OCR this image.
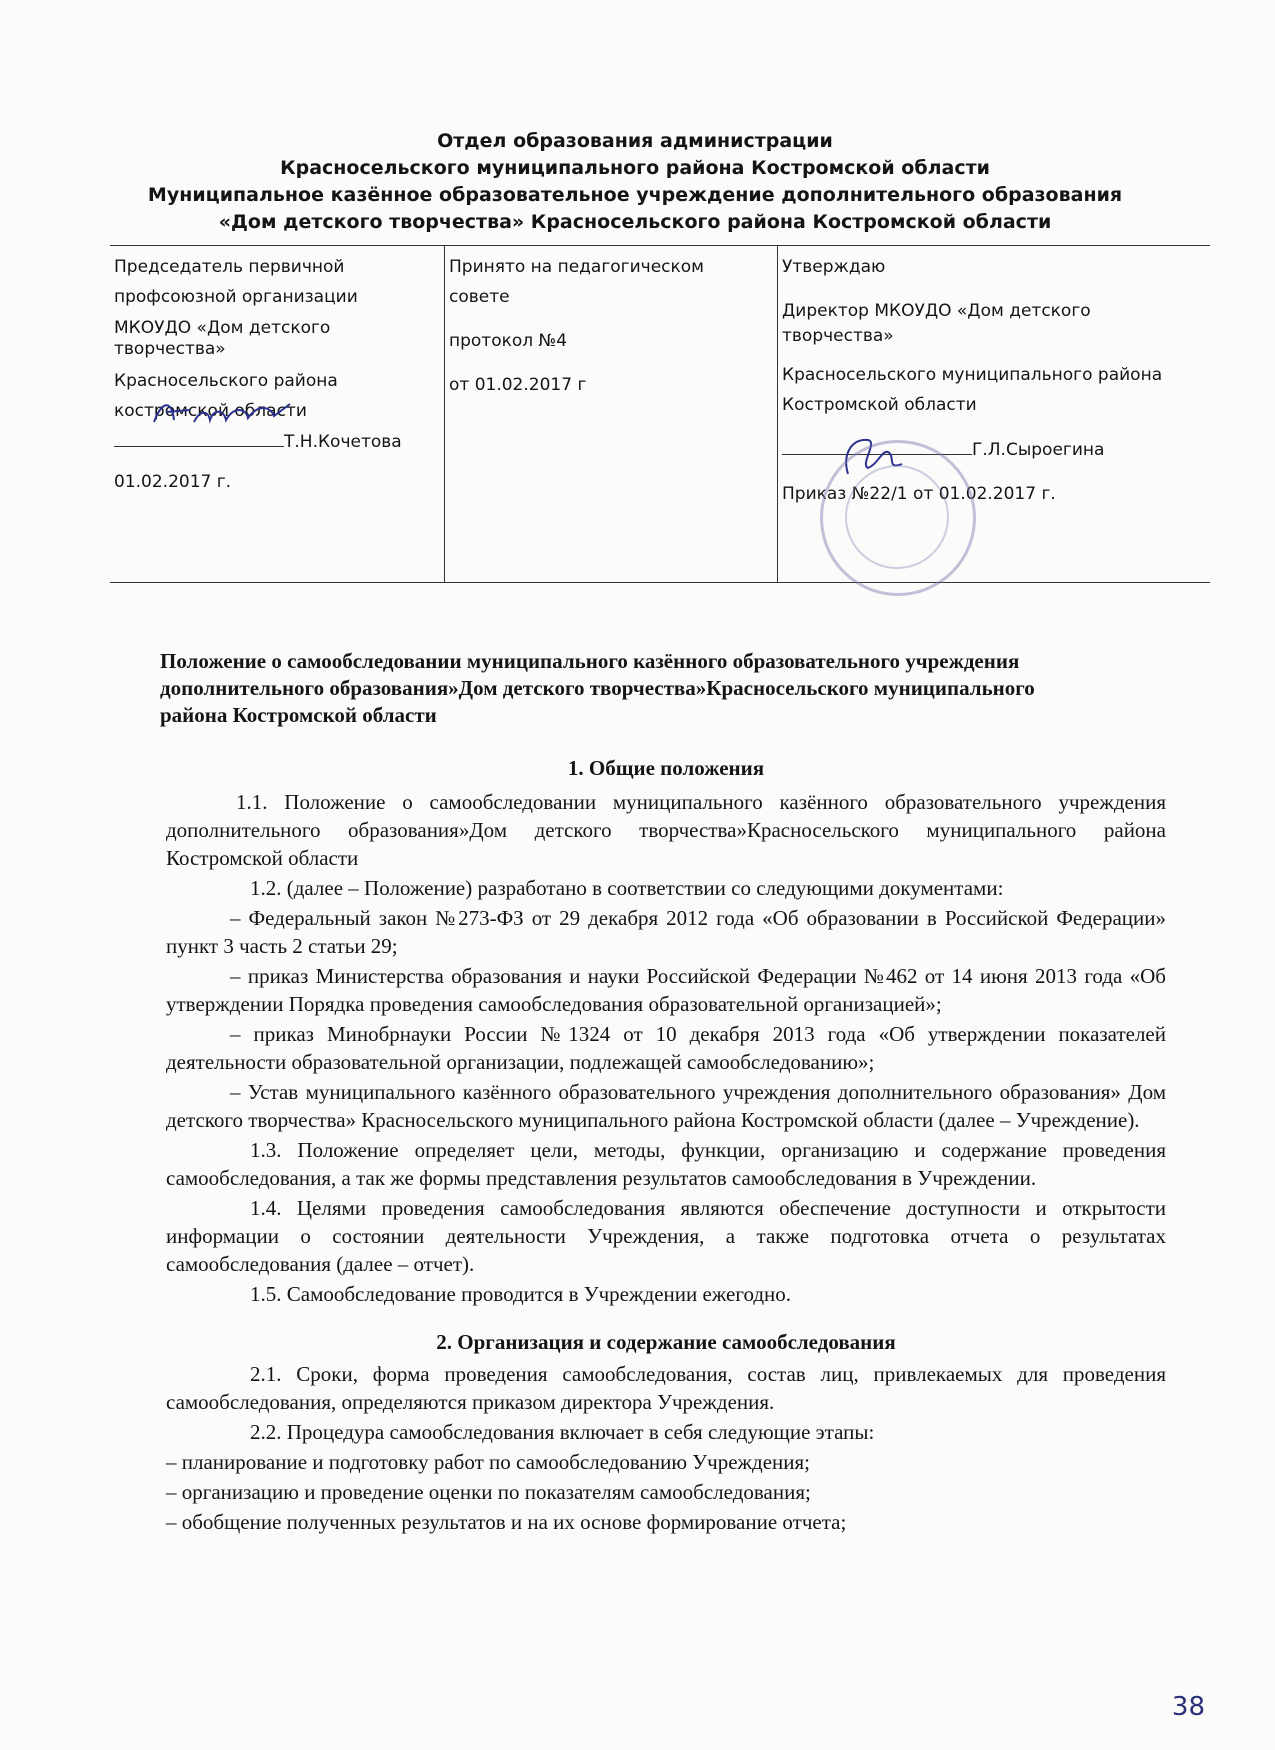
Отдел образования администрации
Красносельского муниципального района Костромской области
Муниципальное казённое образовательное учреждение дополнительного образования
«Дом детского творчества» Красносельского района Костромской области

Председатель первичной

профсоюзной организации

МКОУДО «Дом детского

творчества»

Красносельского района

костромской области

Т.Н.Кочетова

01.02.2017 г.

Принято на педагогическом

совете

протокол №4

от 01.02.2017 г

Утверждаю

Директор МКОУДО «Дом детского

творчества»

Красносельского муниципального района

Костромской области

Г.Л.Сыроегина

Приказ №22/1 от 01.02.2017 г.

Положение о самообследовании муниципального казённого образовательного учреждения
дополнительного образования»Дом детского творчества»Красносельского муниципального
района Костромской области

1. Общие положения

1.1. Положение о самообследовании муниципального казённого образовательного учреждения дополнительного образования»Дом детского творчества»Красносельского муниципального района Костромской области

1.2. (далее – Положение) разработано в соответствии со следующими документами:

– Федеральный закон №273-ФЗ от 29 декабря 2012 года «Об образовании в Российской Федерации» пункт 3 часть 2 статьи 29;

– приказ Министерства образования и науки Российской Федерации №462 от 14 июня 2013 года «Об утверждении Порядка проведения самообследования образовательной организацией»;

– приказ Минобрнауки России №1324 от 10 декабря 2013 года «Об утверждении показателей деятельности образовательной организации, подлежащей самообследованию»;

– Устав муниципального казённого образовательного учреждения дополнительного образования» Дом детского творчества» Красносельского муниципального района Костромской области (далее – Учреждение).

1.3. Положение определяет цели, методы, функции, организацию и содержание проведения самообследования, а так же формы представления результатов самообследования в Учреждении.

1.4. Целями проведения самообследования являются обеспечение доступности и открытости информации о состоянии деятельности Учреждения, а также подготовка отчета о результатах самообследования (далее – отчет).

1.5. Самообследование проводится в Учреждении ежегодно.

2. Организация и содержание самообследования

2.1. Сроки, форма проведения самообследования, состав лиц, привлекаемых для проведения самообследования, определяются приказом директора Учреждения.

2.2. Процедура самообследования включает в себя следующие этапы:

– планирование и подготовку работ по самообследованию Учреждения;

– организацию и проведение оценки по показателям самообследования;

– обобщение полученных результатов и на их основе формирование отчета;

38
